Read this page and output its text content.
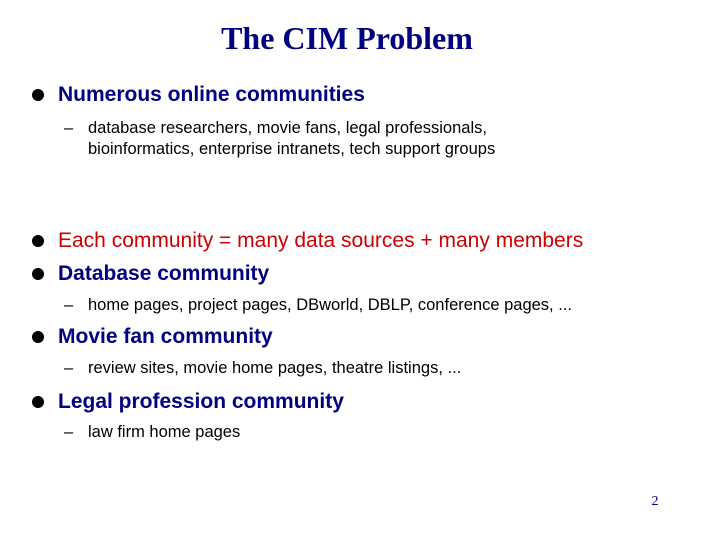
The CIM Problem
Numerous online communities
– database researchers, movie fans, legal professionals,
bioinformatics, enterprise intranets, tech support groups
Each community = many data sources + many members
Database community
– home pages, project pages, DBworld, DBLP, conference pages, ...
Movie fan community
– review sites, movie home pages, theatre listings, ...
Legal profession community
– law firm home pages
2
